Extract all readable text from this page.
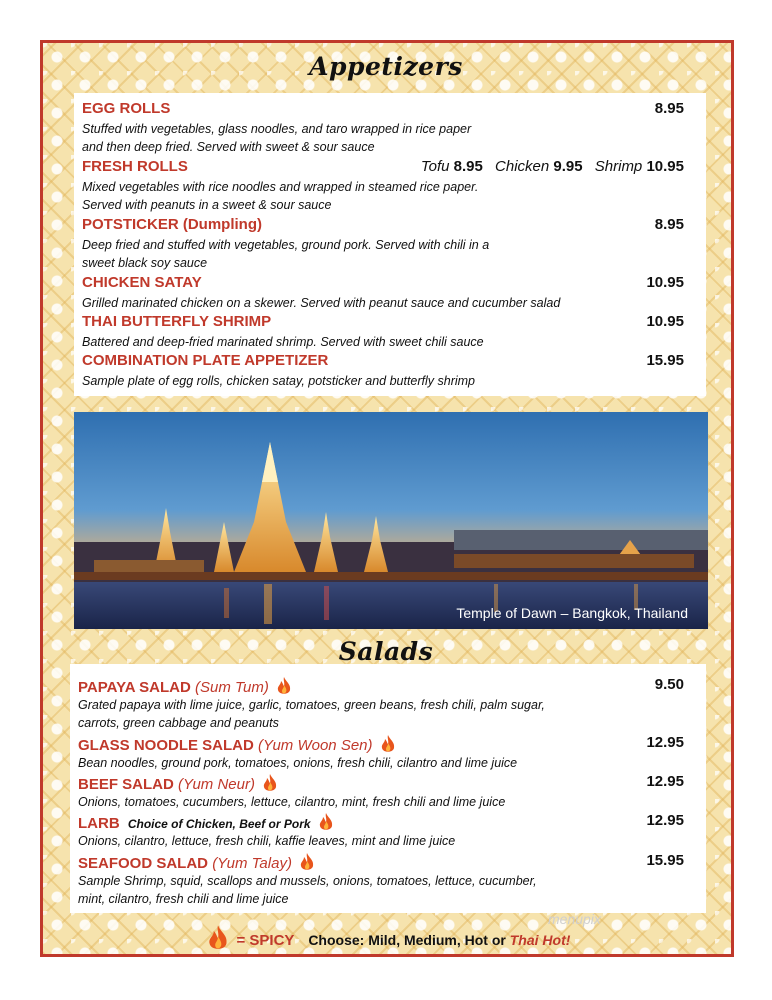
Appetizers
EGG ROLLS	8.95
Stuffed with vegetables, glass noodles, and taro wrapped in rice paper
and then deep fried. Served with sweet & sour sauce
FRESH ROLLS	Tofu 8.95 Chicken 9.95 Shrimp 10.95
Mixed vegetables with rice noodles and wrapped in steamed rice paper.
Served with peanuts in a sweet & sour sauce
POTSTICKER (Dumpling)	8.95
Deep fried and stuffed with vegetables, ground pork. Served with chili in a
sweet black soy sauce
CHICKEN SATAY	10.95
Grilled marinated chicken on a skewer. Served with peanut sauce and cucumber salad
THAI BUTTERFLY SHRIMP	10.95
Battered and deep-fried marinated shrimp. Served with sweet chili sauce
COMBINATION PLATE APPETIZER	15.95
Sample plate of egg rolls, chicken satay, potsticker and butterfly shrimp
Temple of Dawn – Bangkok, Thailand
Salads
PAPAYA SALAD (Sum Tum)	9.50
Grated papaya with lime juice, garlic, tomatoes, green beans, fresh chili, palm sugar,
carrots, green cabbage and peanuts
GLASS NOODLE SALAD (Yum Woon Sen)	12.95
Bean noodles, ground pork, tomatoes, onions, fresh chili, cilantro and lime juice
BEEF SALAD (Yum Neur)	12.95
Onions, tomatoes, cucumbers, lettuce, cilantro, mint, fresh chili and lime juice
LARB Choice of Chicken, Beef or Pork	12.95
Onions, cilantro, lettuce, fresh chili, kaffie leaves, mint and lime juice
SEAFOOD SALAD (Yum Talay)	15.95
Sample Shrimp, squid, scallops and mussels, onions, tomatoes, lettuce, cucumber,
mint, cilantro, fresh chili and lime juice
= SPICY Choose: Mild, Medium, Hot or Thai Hot!
menupix
